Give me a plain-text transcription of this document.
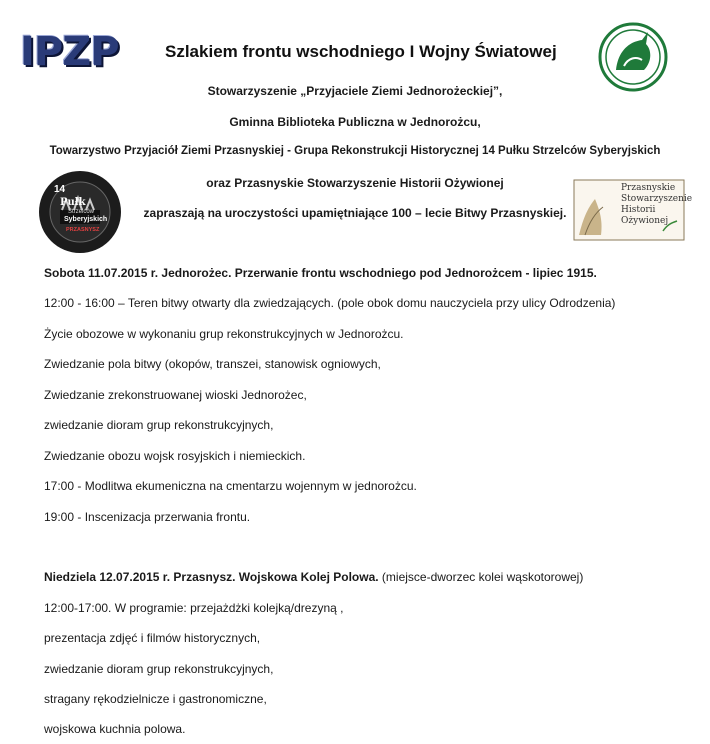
IPZP	Szlakiem frontu wschodniego I Wojny Światowej
PZJ
Stowarzyszenie „Przyjaciele Ziemi Jednorożeckiej”,
Gminna Biblioteka Publiczna w Jednorożcu,
Towarzystwo Przyjaciół Ziemi Przasnyskiej - Grupa Rekonstrukcji Historycznej 14 Pułku Strzelców Syberyjskich
oraz Przasnyskie Stowarzyszenie Historii Ożywionej
zapraszają na uroczystości upamiętniające 100 – lecie Bitwy Przasnyskiej.
14
Pułk
Strzelców
Syberyjskich
PRZASNYSZ
Przasnyskie
Stowarzyszenie
Historii
Ożywionej
Sobota 11.07.2015 r. Jednorożec. Przerwanie frontu wschodniego pod Jednorożcem - lipiec 1915.
12:00 - 16:00 – Teren bitwy otwarty dla zwiedzających. (pole obok domu nauczyciela przy ulicy Odrodzenia)
Życie obozowe w wykonaniu grup rekonstrukcyjnych w Jednorożcu.
Zwiedzanie pola bitwy (okopów, transzei, stanowisk ogniowych,
Zwiedzanie zrekonstruowanej wioski Jednorożec,
zwiedzanie dioram grup rekonstrukcyjnych,
Zwiedzanie obozu wojsk rosyjskich i niemieckich.
17:00 - Modlitwa ekumeniczna na cmentarzu wojennym w jednorożcu.
19:00 - Inscenizacja przerwania frontu.
Niedziela 12.07.2015 r. Przasnysz. Wojskowa Kolej Polowa. (miejsce-dworzec kolei wąskotorowej)
12:00-17:00. W programie: przejażdżki kolejką/drezyną ,
prezentacja zdjęć i filmów historycznych,
zwiedzanie dioram grup rekonstrukcyjnych,
stragany rękodzielnicze i gastronomiczne,
wojskowa kuchnia polowa.
